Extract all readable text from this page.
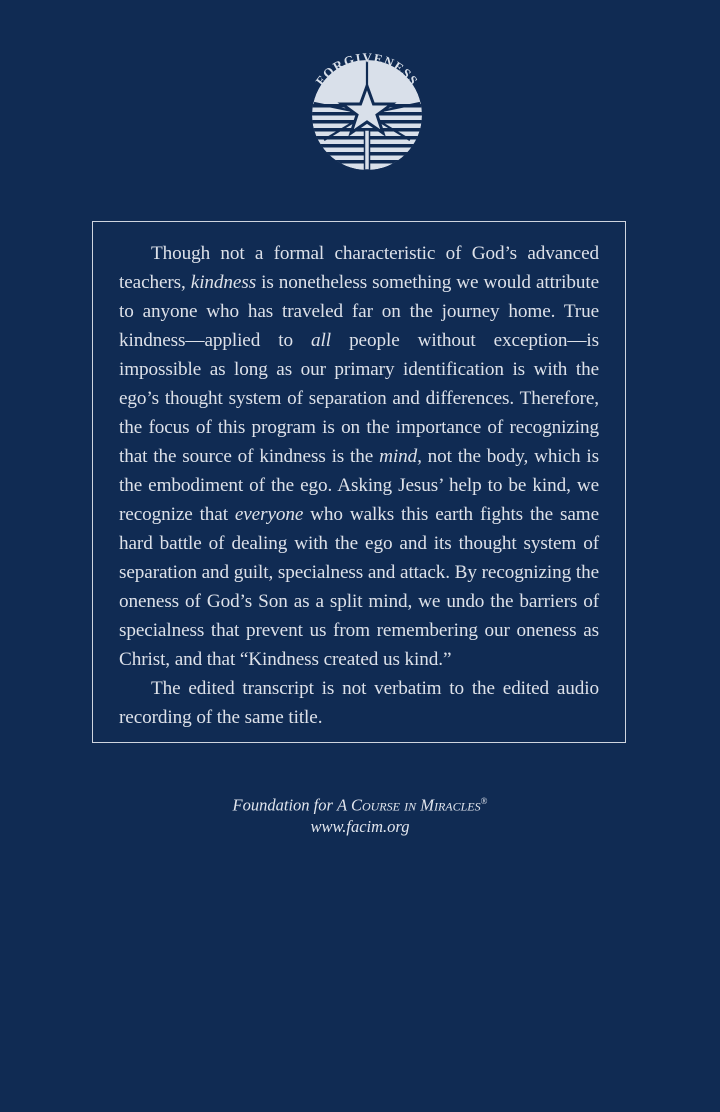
FORGIVENESS

Though not a formal characteristic of God’s advanced teachers, kindness is nonetheless something we would attribute to anyone who has traveled far on the journey home. True kindness—applied to all people without exception—is impossible as long as our primary identification is with the ego’s thought system of separation and differences. Therefore, the focus of this program is on the importance of recognizing that the source of kindness is the mind, not the body, which is the embodiment of the ego. Asking Jesus’ help to be kind, we recognize that everyone who walks this earth fights the same hard battle of dealing with the ego and its thought system of separation and guilt, specialness and attack. By recognizing the oneness of God’s Son as a split mind, we undo the barriers of specialness that prevent us from remembering our oneness as Christ, and that “Kindness created us kind.”

The edited transcript is not verbatim to the edited audio recording of the same title.

Foundation for A Course in Miracles®
www.facim.org
